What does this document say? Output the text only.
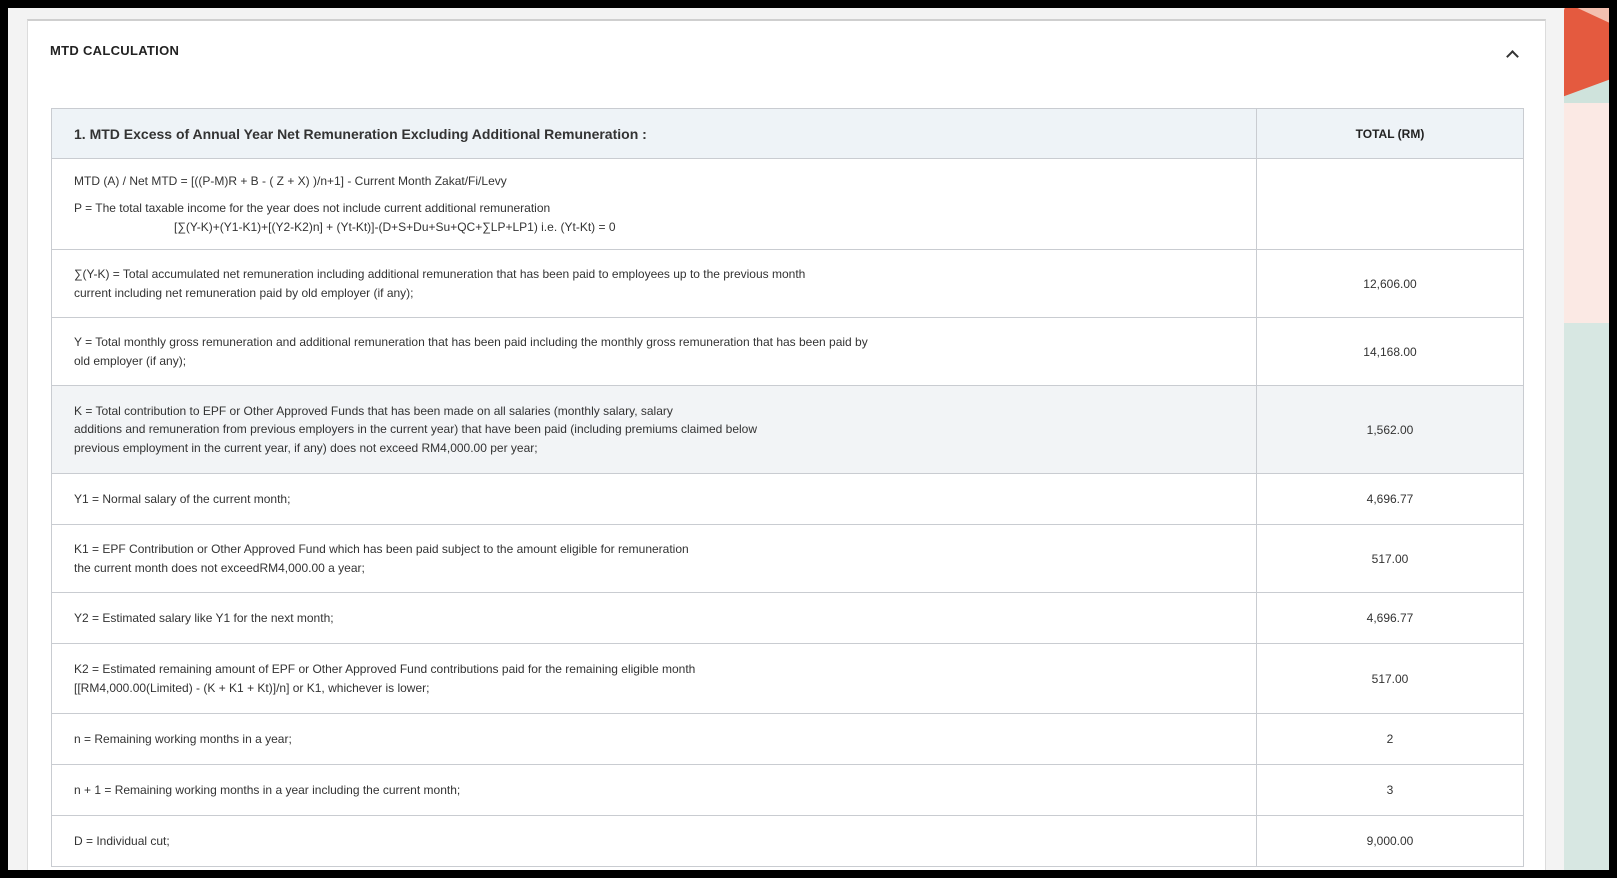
MTD CALCULATION
1. MTD Excess of Annual Year Net Remuneration Excluding Additional Remuneration :	TOTAL (RM)

MTD (A) / Net MTD = [((P-M)R + B - ( Z + X) )/n+1] - Current Month Zakat/Fi/Levy
P = The total taxable income for the year does not include current additional remuneration
[∑(Y-K)+(Y1-K1)+[(Y2-K2)n] + (Yt-Kt)]-(D+S+Du+Su+QC+∑LP+LP1) i.e. (Yt-Kt) = 0	

∑(Y-K) = Total accumulated net remuneration including additional remuneration that has been paid to employees up to the previous month
current including net remuneration paid by old employer (if any);	12,606.00

Y = Total monthly gross remuneration and additional remuneration that has been paid including the monthly gross remuneration that has been paid by
old employer (if any);	14,168.00

K = Total contribution to EPF or Other Approved Funds that has been made on all salaries (monthly salary, salary
additions and remuneration from previous employers in the current year) that have been paid (including premiums claimed below
previous employment in the current year, if any) does not exceed RM4,000.00 per year;	1,562.00

Y1 = Normal salary of the current month;	4,696.77

K1 = EPF Contribution or Other Approved Fund which has been paid subject to the amount eligible for remuneration
the current month does not exceedRM4,000.00 a year;	517.00

Y2 = Estimated salary like Y1 for the next month;	4,696.77

K2 = Estimated remaining amount of EPF or Other Approved Fund contributions paid for the remaining eligible month
[[RM4,000.00(Limited) - (K + K1 + Kt)]/n] or K1, whichever is lower;	517.00

n = Remaining working months in a year;	2

n + 1 = Remaining working months in a year including the current month;	3

D = Individual cut;	9,000.00
